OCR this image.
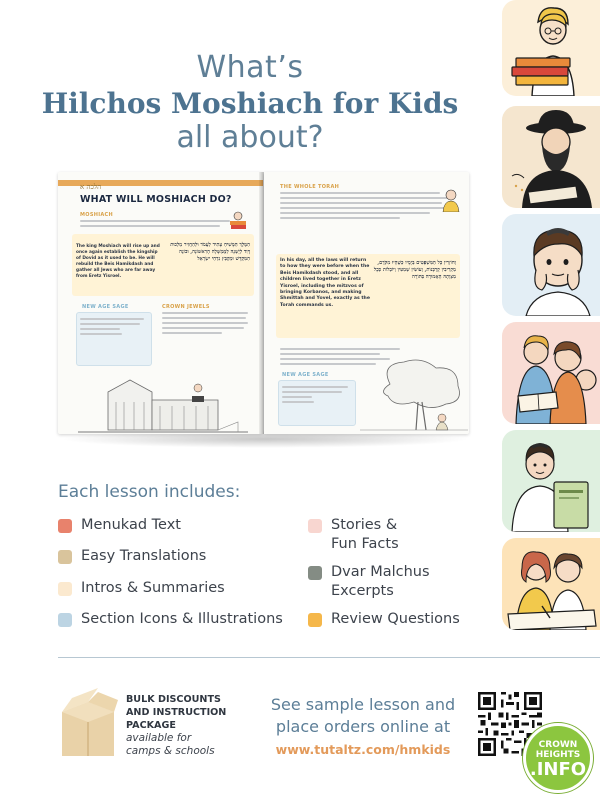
What’s
Hilchos Moshiach for Kids
all about?
הלכה א
WHAT WILL MOSHIACH DO?
MOSHIACH
The king Moshiach will rise up and once again establish the kingship of Dovid as it used to be. He will rebuild the Beis Hamikdash and gather all Jews who are far away from Eretz Yisroel.
הַמֶּלֶךְ הַמָּשִׁיחַ עָתִיד לַעֲמֹד וּלְהַחֲזִיר מַלְכוּת דָּוִד לְיָשְׁנָהּ לַמֶּמְשָׁלָה הָרִאשׁוֹנָה, וּבוֹנֶה הַמִּקְדָּשׁ וּמְקַבֵּץ נִדְחֵי יִשְׂרָאֵל
NEW AGE SAGE	CROWN JEWELS
THE WHOLE TORAH
In his day, all the laws will return to how they were before when the Beis Hamikdash stood, and all children lived together in Eretz Yisroel, including the mitzvos of bringing Korbanos, and making Shmittah and Yovel, exactly as the Torah commands us.
וְחוֹזְרִין כָּל הַמִּשְׁפָּטִים בְּיָמָיו כְּשֶׁהָיוּ מִקֹּדֶם, מַקְרִיבִין קָרְבָּנוֹת, וְעוֹשִׂין שְׁמִטִּין וְיוֹבְלוֹת כְּכָל מִצְוָתָהּ הָאֲמוּרָה בַּתּוֹרָה
NEW AGE SAGE
Each lesson includes:
Menukad Text
Easy Translations
Intros & Summaries
Section Icons & Illustrations
Stories &
Fun Facts
Dvar Malchus
Excerpts
Review Questions
BULK DISCOUNTS
AND INSTRUCTION
PACKAGE
available for
camps & schools
See sample lesson and
place orders online at
www.tutaltz.com/hmkids	CROWN
HEIGHTS
.INFO
